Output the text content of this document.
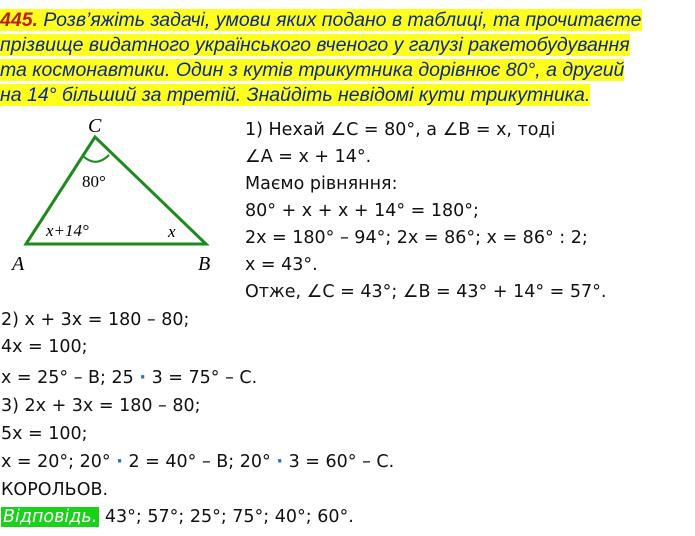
445. Розв’яжіть задачі, умови яких подано в таблиці, та прочитаєте
прізвище видатного українського вченого у галузі ракетобудування
та космонавтики. Один з кутів трикутника дорівнює 80°, а другий
на 14° більший за третій. Знайдіть невідомі кути трикутника.
C
80°
x+14°	x
A	B
1) Нехай ∠C = 80°, а ∠B = x, тоді
∠A = x + 14°.
Маємо рівняння:
80° + x + x + 14° = 180°;
2x = 180° – 94°; 2x = 86°; x = 86° : 2;
x = 43°.
Отже, ∠C = 43°; ∠B = 43° + 14° = 57°.
2) x + 3x = 180 – 80;
4x = 100;
x = 25° – B; 25 · 3 = 75° – C.
3) 2x + 3x = 180 – 80;
5x = 100;
x = 20°; 20° · 2 = 40° – B; 20° · 3 = 60° – C.
КОРОЛЬОВ.
Відповідь. 43°; 57°; 25°; 75°; 40°; 60°.
